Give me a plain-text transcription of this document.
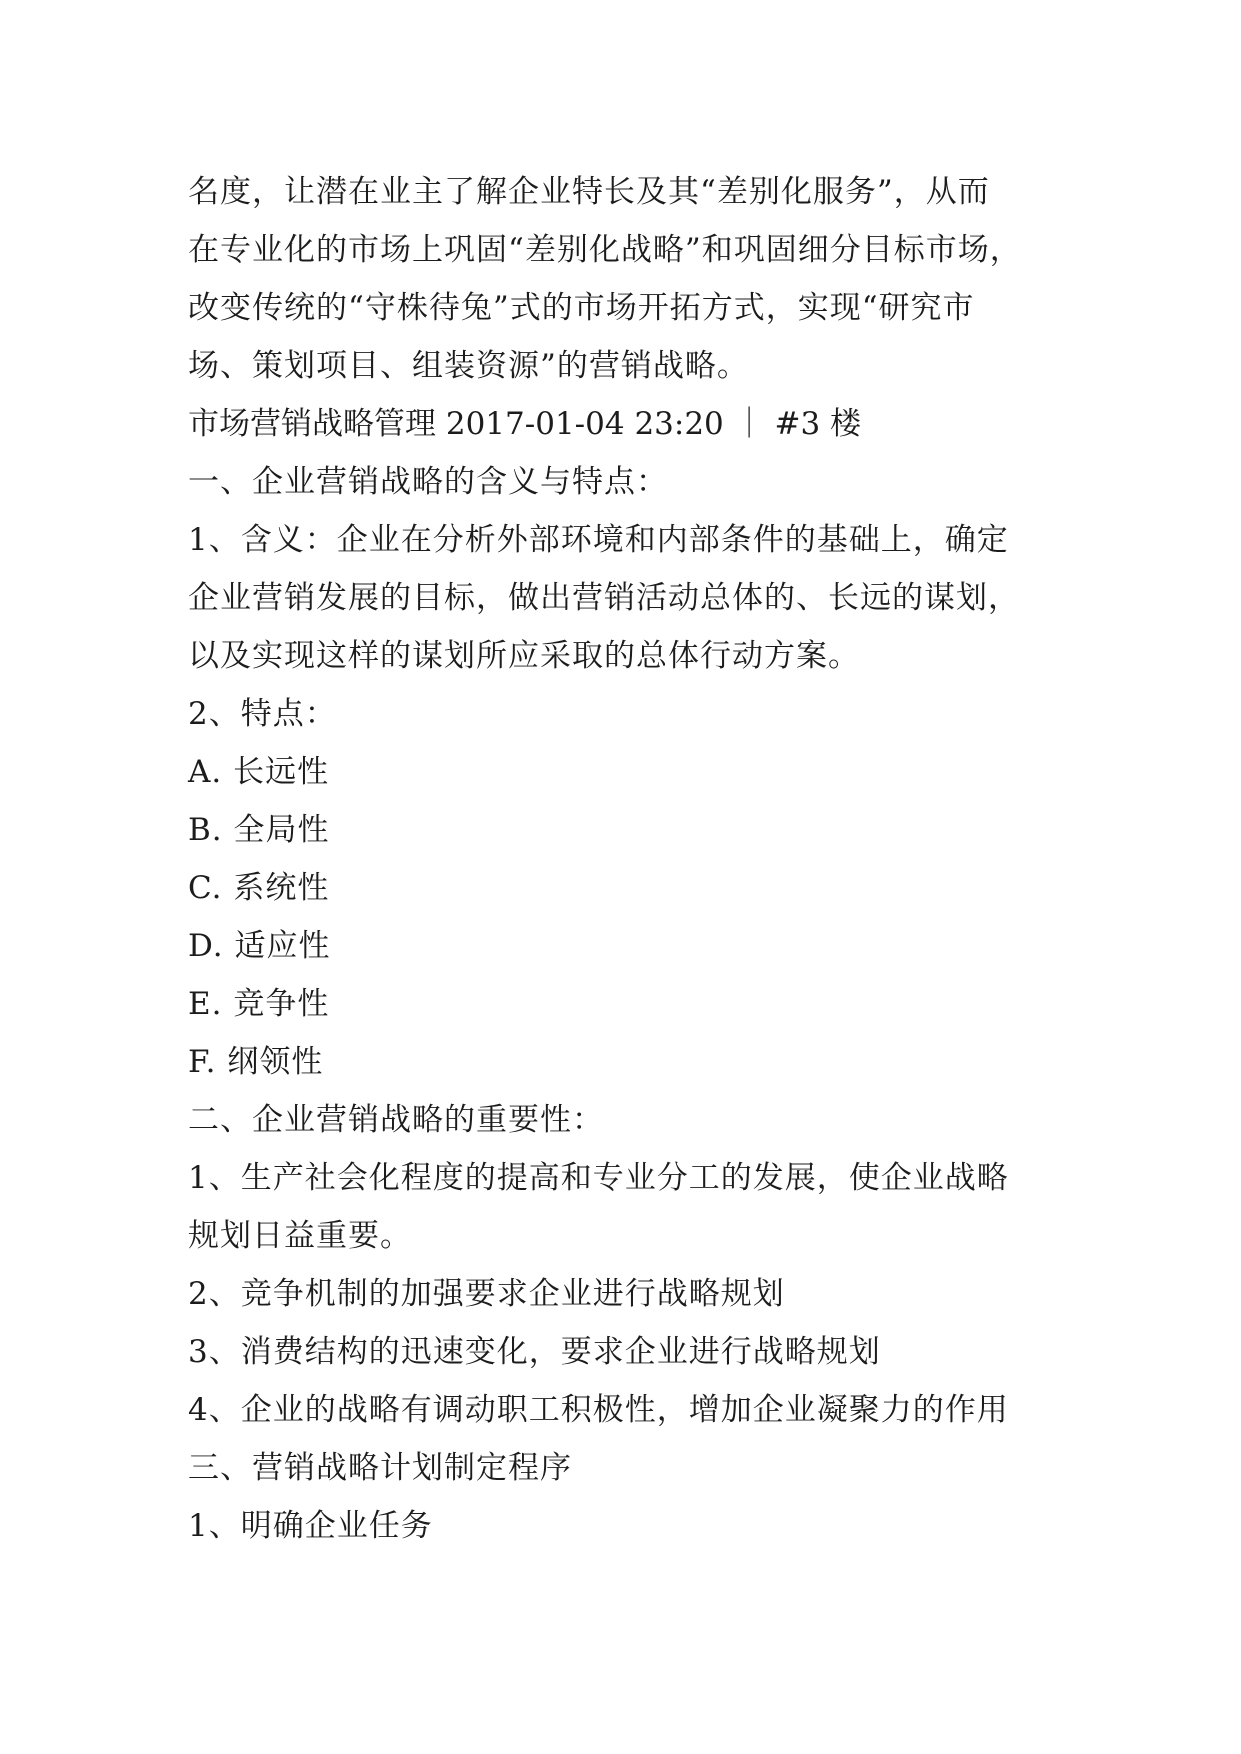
名度，让潜在业主了解企业特长及其“差别化服务”，从而
在专业化的市场上巩固“差别化战略”和巩固细分目标市场，
改变传统的“守株待兔”式的市场开拓方式，实现“研究市
场、策划项目、组装资源”的营销战略。
市场营销战略管理 2017-01-04 23:20 ｜ #3 楼
一、企业营销战略的含义与特点：
1、含义：企业在分析外部环境和内部条件的基础上，确定
企业营销发展的目标，做出营销活动总体的、长远的谋划，
以及实现这样的谋划所应采取的总体行动方案。
2、特点：
A. 长远性
B. 全局性
C. 系统性
D. 适应性
E. 竞争性
F. 纲领性
二、企业营销战略的重要性：
1、生产社会化程度的提高和专业分工的发展，使企业战略
规划日益重要。
2、竞争机制的加强要求企业进行战略规划
3、消费结构的迅速变化，要求企业进行战略规划
4、企业的战略有调动职工积极性，增加企业凝聚力的作用
三、营销战略计划制定程序
1、明确企业任务
